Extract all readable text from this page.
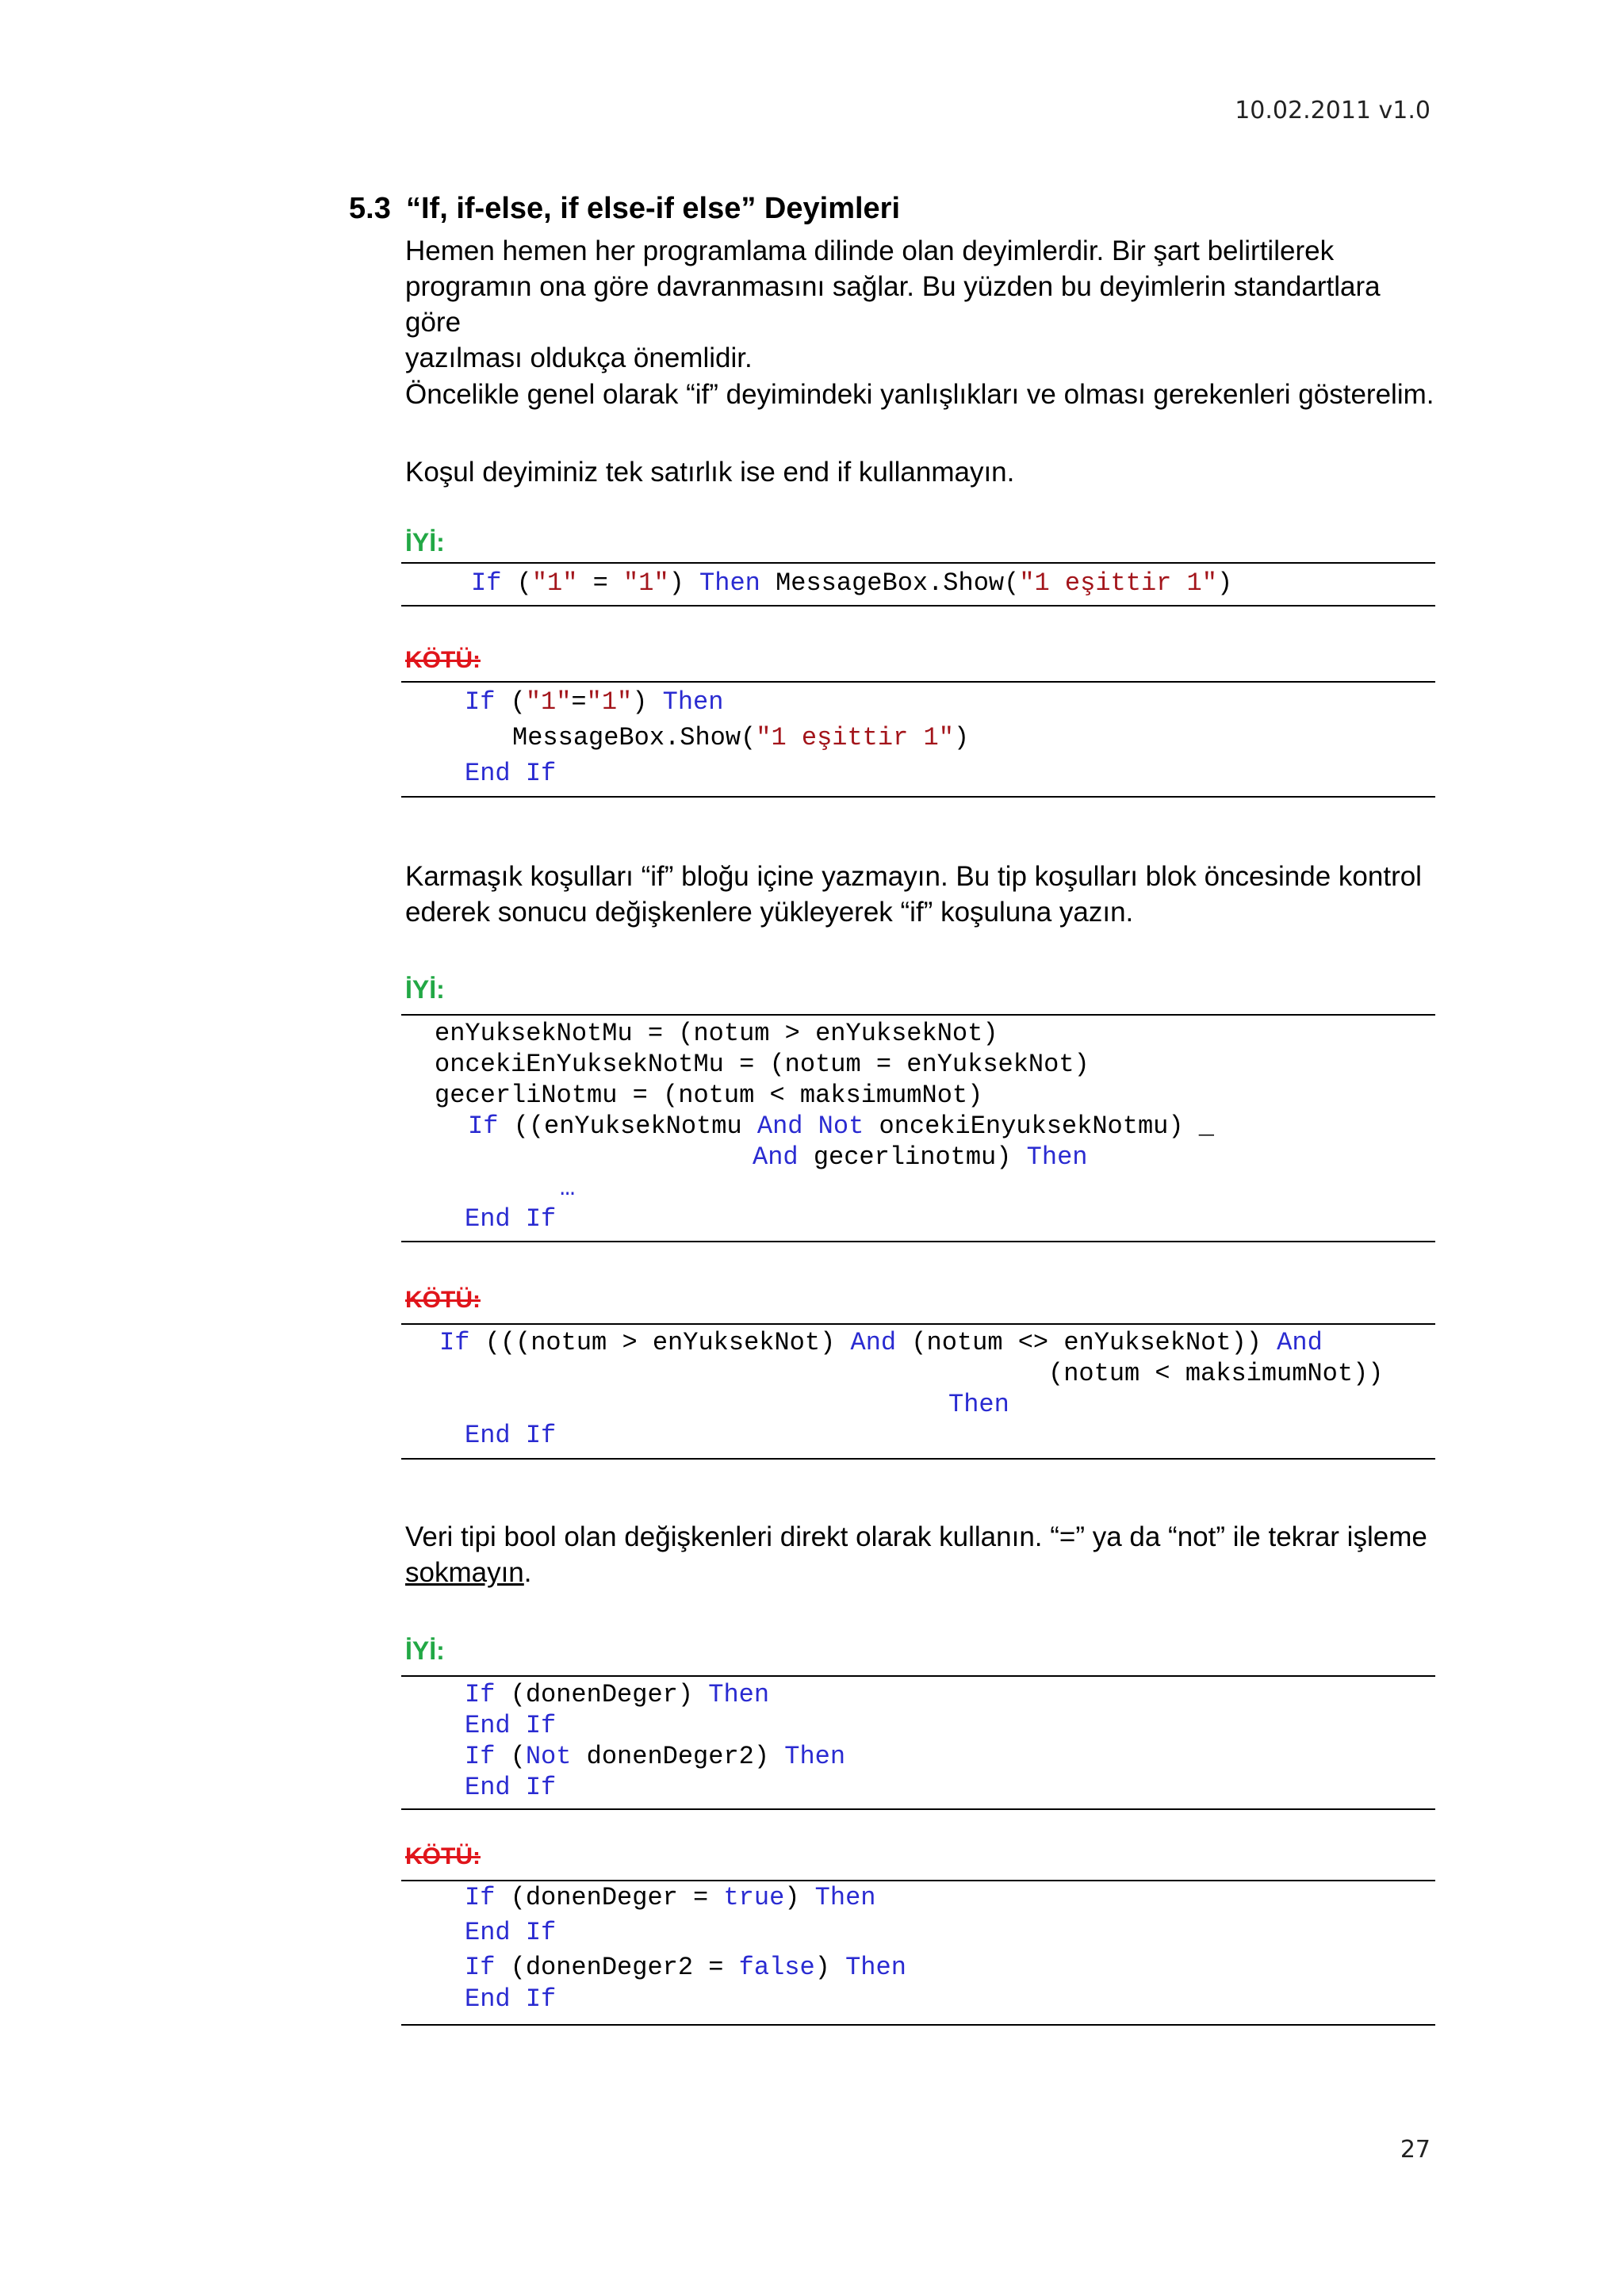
10.02.2011 v1.0
5.3 “If, if-else, if else-if else” Deyimleri

Hemen hemen her programlama dilinde olan deyimlerdir. Bir şart belirtilerek

programın ona göre davranmasını sağlar. Bu yüzden bu deyimlerin standartlara göre

yazılması oldukça önemlidir.

Öncelikle genel olarak “if” deyimindeki yanlışlıkları ve olması gerekenleri gösterelim.

Koşul deyiminiz tek satırlık ise end if kullanmayın.

İYİ:
If ("1" = "1") Then MessageBox.Show("1 eşittir 1")
KÖTÜ:
If ("1"="1") Then
MessageBox.Show("1 eşittir 1")
End If

Karmaşık koşulları “if” bloğu içine yazmayın. Bu tip koşulları blok öncesinde kontrol

ederek sonucu değişkenlere yükleyerek “if” koşuluna yazın.

İYİ:
enYuksekNotMu = (notum > enYuksekNot)
oncekiEnYuksekNotMu = (notum = enYuksekNot)
gecerliNotmu = (notum < maksimumNot)
If ((enYuksekNotmu And Not oncekiEnyuksekNotmu) _
And gecerlinotmu) Then
…
End If
KÖTÜ:
If (((notum > enYuksekNot) And (notum <> enYuksekNot)) And
(notum < maksimumNot))
Then
End If

Veri tipi bool olan değişkenleri direkt olarak kullanın. “=” ya da “not” ile tekrar işleme

sokmayın.

İYİ:
If (donenDeger) Then
End If
If (Not donenDeger2) Then
End If
KÖTÜ:
If (donenDeger = true) Then
End If
If (donenDeger2 = false) Then
End If
27
